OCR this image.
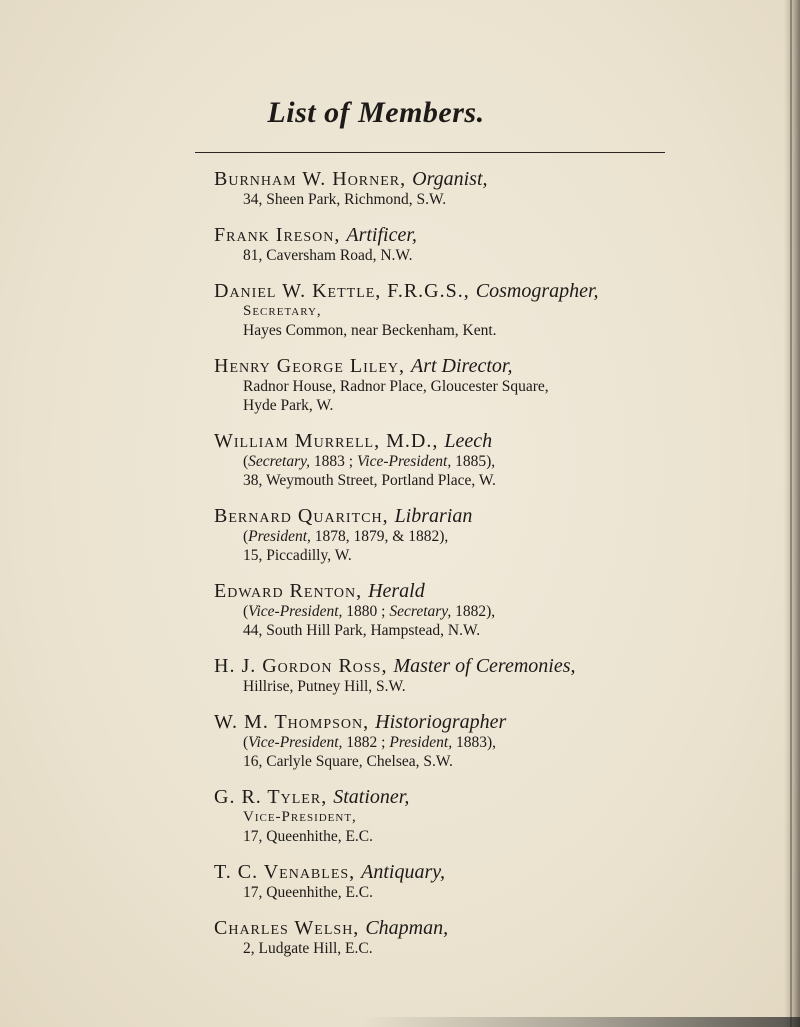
List of Members.
Burnham W. Horner, Organist,
34, Sheen Park, Richmond, S.W.
Frank Ireson, Artificer,
81, Caversham Road, N.W.
Daniel W. Kettle, F.R.G.S., Cosmographer,
Secretary,
Hayes Common, near Beckenham, Kent.
Henry George Liley, Art Director,
Radnor House, Radnor Place, Gloucester Square,
Hyde Park, W.
William Murrell, M.D., Leech
(Secretary, 1883 ; Vice-President, 1885),
38, Weymouth Street, Portland Place, W.
Bernard Quaritch, Librarian
(President, 1878, 1879, & 1882),
15, Piccadilly, W.
Edward Renton, Herald
(Vice-President, 1880 ; Secretary, 1882),
44, South Hill Park, Hampstead, N.W.
H. J. Gordon Ross, Master of Ceremonies,
Hillrise, Putney Hill, S.W.
W. M. Thompson, Historiographer
(Vice-President, 1882 ; President, 1883),
16, Carlyle Square, Chelsea, S.W.
G. R. Tyler, Stationer,
Vice-President,
17, Queenhithe, E.C.
T. C. Venables, Antiquary,
17, Queenhithe, E.C.
Charles Welsh, Chapman,
2, Ludgate Hill, E.C.
